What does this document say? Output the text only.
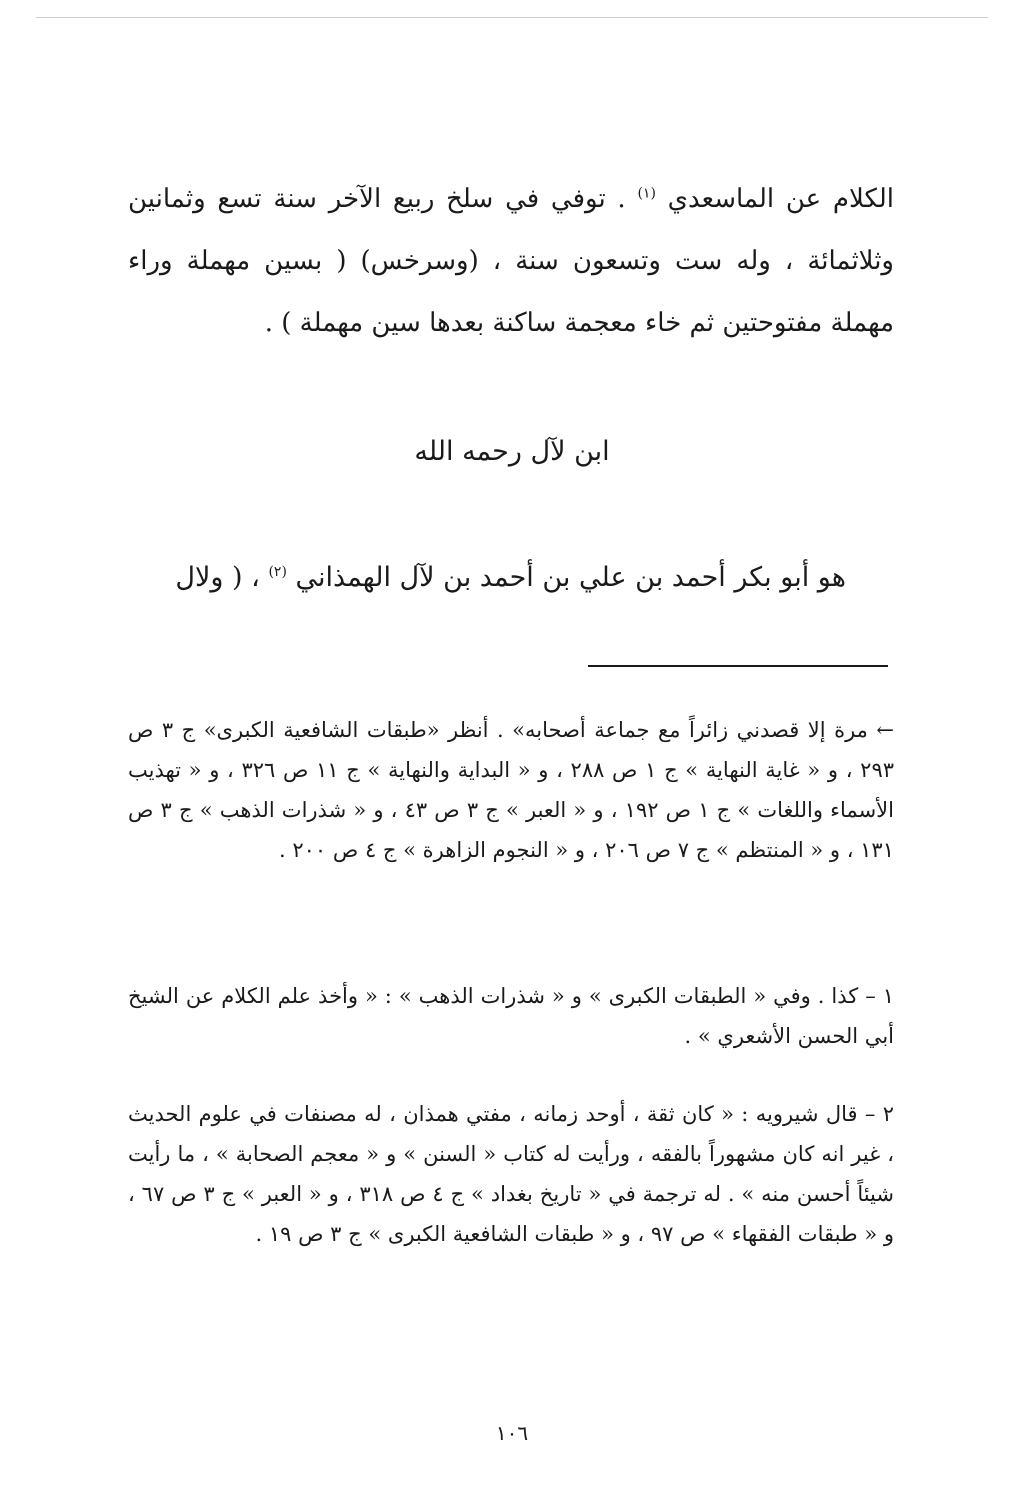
الكلام عن الماسعدي $^{(١)}$ . توفي في سلخ ربيع الآخر سنة تسع وثمانين وثلاثمائة ، وله ست وتسعون سنة ، (وسرخس) ( بسين مهملة وراء مهملة مفتوحتين ثم خاء معجمة ساكنة بعدها سين مهملة ) .

ابن لآل رحمه الله
هو أبو بكر أحمد بن علي بن أحمد بن لآل الهمذاني $^{(٢)}$ ، ( ولال
← مرة إلا قصدني زائراً مع جماعة أصحابه» . أنظر «طبقات الشافعية الكبرى» ج ٣ ص ٢٩٣ ، و « غاية النهاية » ج ١ ص ٢٨٨ ، و « البداية والنهاية » ج ١١ ص ٣٢٦ ، و « تهذيب الأسماء واللغات » ج ١ ص ١٩٢ ، و « العبر » ج ٣ ص ٤٣ ، و « شذرات الذهب » ج ٣ ص ١٣١ ، و « المنتظم » ج ٧ ص ٢٠٦ ، و « النجوم الزاهرة » ج ٤ ص ٢٠٠ .
١ – كذا . وفي « الطبقات الكبرى » و « شذرات الذهب » : « وأخذ علم الكلام عن الشيخ أبي الحسن الأشعري » .
٢ – قال شيرويه : « كان ثقة ، أوحد زمانه ، مفتي همذان ، له مصنفات في علوم الحديث ، غير انه كان مشهوراً بالفقه ، ورأيت له كتاب « السنن » و « معجم الصحابة » ، ما رأيت شيئاً أحسن منه » . له ترجمة في « تاريخ بغداد » ج ٤ ص ٣١٨ ، و « العبر » ج ٣ ص ٦٧ ، و « طبقات الفقهاء » ص ٩٧ ، و « طبقات الشافعية الكبرى » ج ٣ ص ١٩ .
١٠٦
